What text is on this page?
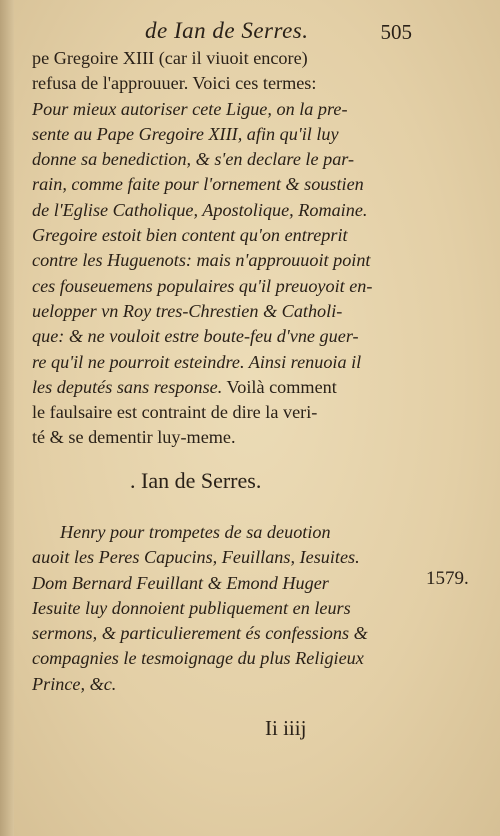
de Ian de Serres.	505
pe Gregoire XIII (car il viuoit encore)
refusa de l'approuuer. Voici ces termes:
Pour mieux autoriser cete Ligue, on la pre-
sente au Pape Gregoire XIII, afin qu'il luy
donne sa benediction, & s'en declare le par-
rain, comme faite pour l'ornement & soustien
de l'Eglise Catholique, Apostolique, Romaine.
Gregoire estoit bien content qu'on entreprit
contre les Huguenots: mais n'approuuoit point
ces fouseuemens populaires qu'il preuoyoit en-
uelopper vn Roy tres-Chrestien & Catholi-
que: & ne vouloit estre boute-feu d'vne guer-
re qu'il ne pourroit esteindre. Ainsi renuoia il
les deputés sans response. Voilà comment
le faulsaire est contraint de dire la veri-
té & se dementir luy-meme.
. Ian de Serres.
Henry pour trompetes de sa deuotion
auoit les Peres Capucins, Feuillans, Iesuites.
Dom Bernard Feuillant & Emond Huger
Iesuite luy donnoient publiquement en leurs
sermons, & particulierement és confessions &
compagnies le tesmoignage du plus Religieux
Prince, &c.
1579.
Ii iiij
